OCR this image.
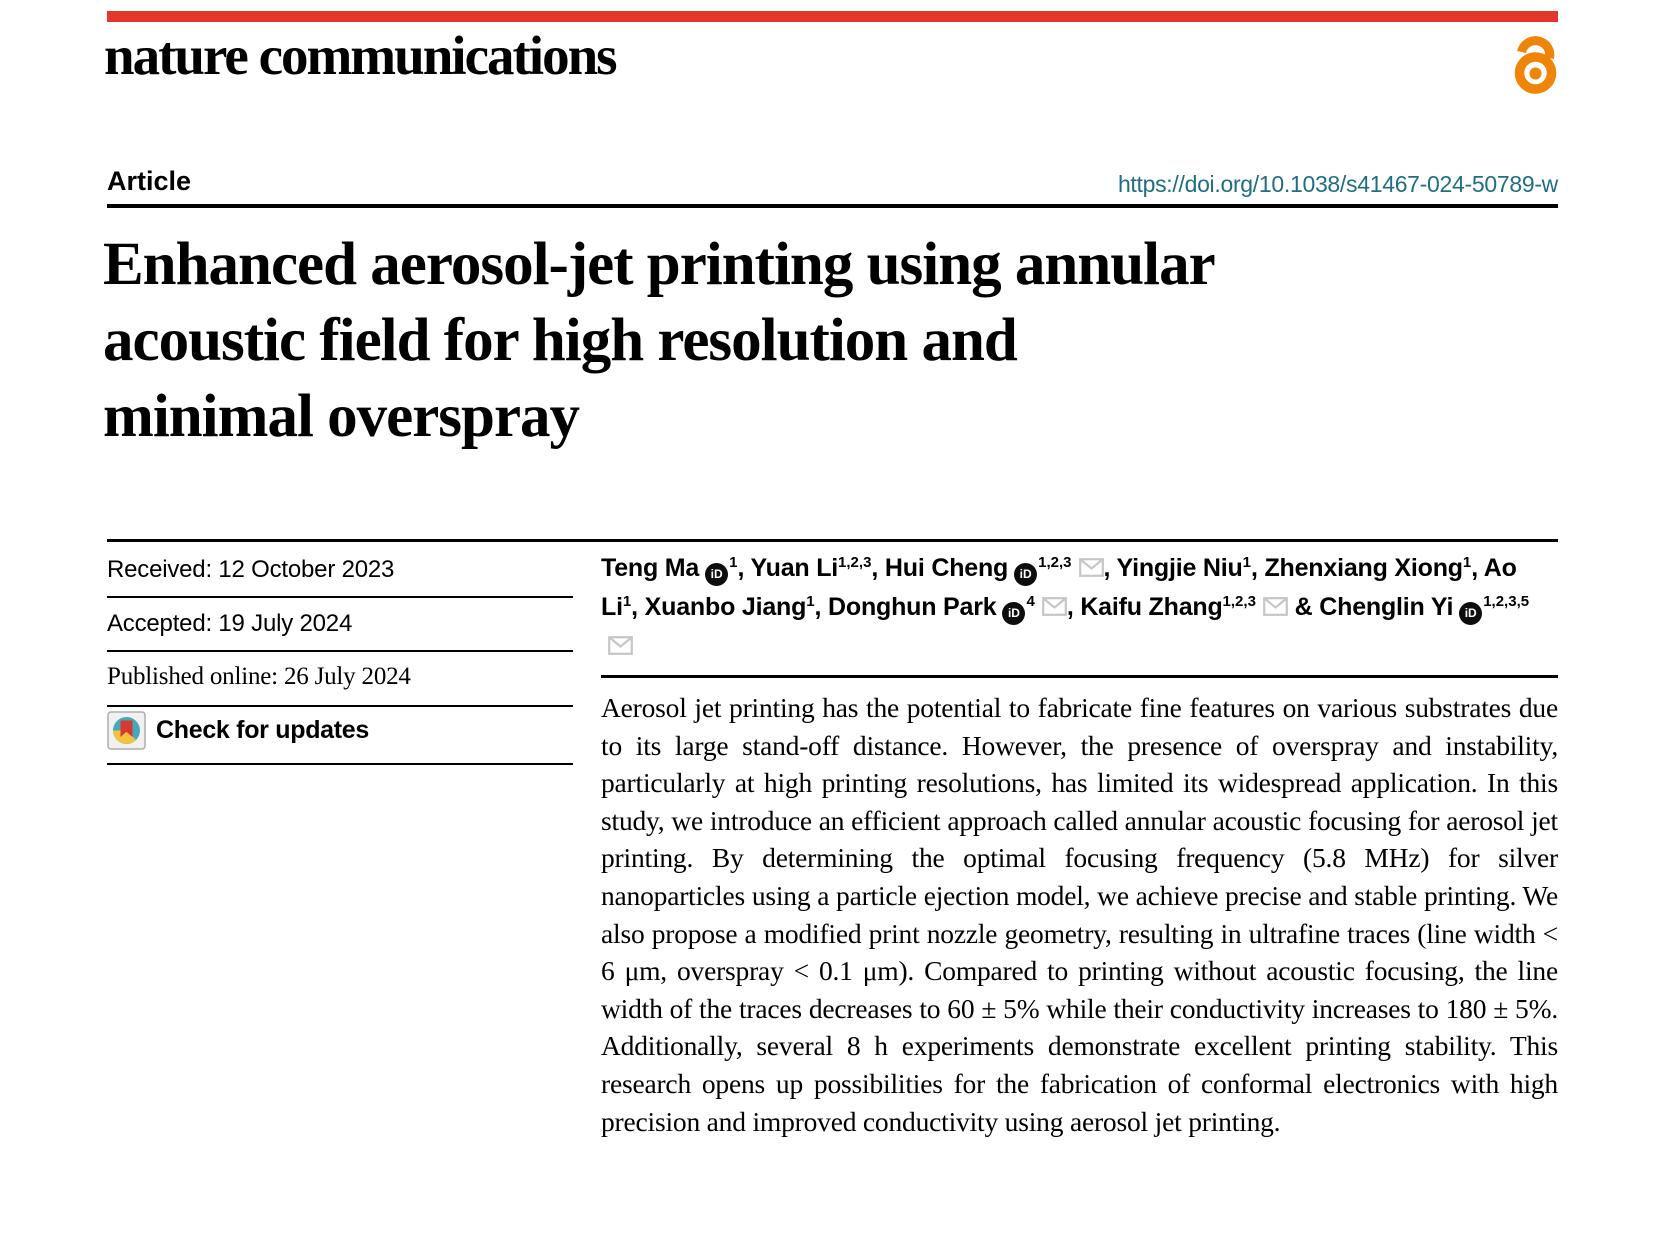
nature communications
Article	https://doi.org/10.1038/s41467-024-50789-w
Enhanced aerosol-jet printing using annular
acoustic field for high resolution and
minimal overspray
Received: 12 October 2023
Accepted: 19 July 2024
Published online: 26 July 2024
Check for updates
Teng Ma $iD^1$, Yuan Li$^{1,2,3}$, Hui Cheng iD$^{1,2,3}$ , Yingjie Niu$^1$, Zhenxiang Xiong$^1$, Ao Li$^1$, Xuanbo Jiang$^1$, Donghun Park $iD^4$ , Kaifu Zhang$^{1,2,3}$ & Chenglin Yi iD$^{1,2,3,5}$

Aerosol jet printing has the potential to fabricate fine features on various substrates due to its large stand-off distance. However, the presence of overspray and instability, particularly at high printing resolutions, has limited its widespread application. In this study, we introduce an efficient approach called annular acoustic focusing for aerosol jet printing. By determining the optimal focusing frequency (5.8 MHz) for silver nanoparticles using a particle ejection model, we achieve precise and stable printing. We also propose a modified print nozzle geometry, resulting in ultrafine traces (line width < 6 μm, overspray < 0.1 μm). Compared to printing without acoustic focusing, the line width of the traces decreases to 60 ± 5% while their conductivity increases to 180 ± 5%. Additionally, several 8 h experiments demonstrate excellent printing stability. This research opens up possibilities for the fabrication of conformal electronics with high precision and improved conductivity using aerosol jet printing.
